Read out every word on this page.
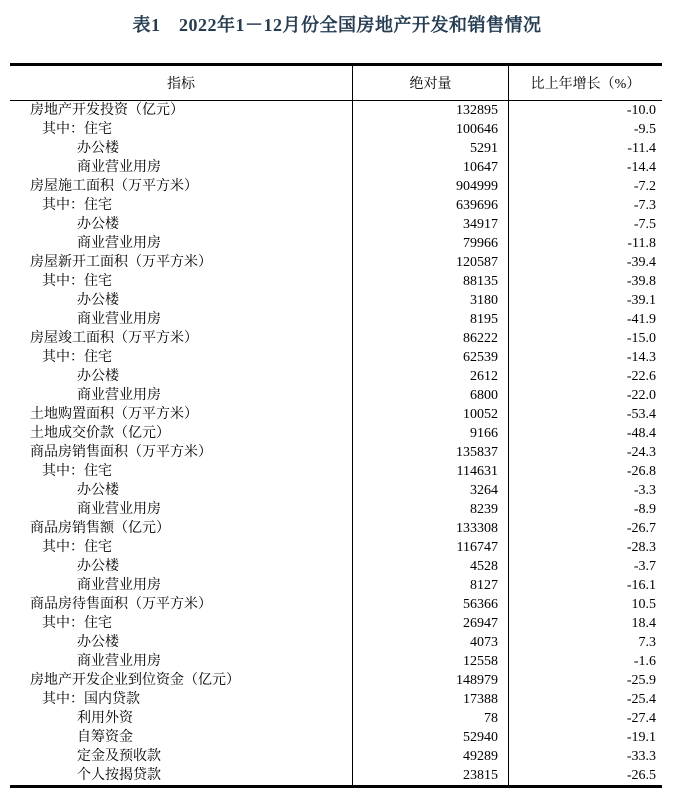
表1　2022年1－12月份全国房地产开发和销售情况
指标	绝对量	比上年增长（%）
房地产开发投资（亿元）	132895	-10.0
其中：住宅	100646	-9.5
办公楼	5291	-11.4
商业营业用房	10647	-14.4
房屋施工面积（万平方米）	904999	-7.2
其中：住宅	639696	-7.3
办公楼	34917	-7.5
商业营业用房	79966	-11.8
房屋新开工面积（万平方米）	120587	-39.4
其中：住宅	88135	-39.8
办公楼	3180	-39.1
商业营业用房	8195	-41.9
房屋竣工面积（万平方米）	86222	-15.0
其中：住宅	62539	-14.3
办公楼	2612	-22.6
商业营业用房	6800	-22.0
土地购置面积（万平方米）	10052	-53.4
土地成交价款（亿元）	9166	-48.4
商品房销售面积（万平方米）	135837	-24.3
其中：住宅	114631	-26.8
办公楼	3264	-3.3
商业营业用房	8239	-8.9
商品房销售额（亿元）	133308	-26.7
其中：住宅	116747	-28.3
办公楼	4528	-3.7
商业营业用房	8127	-16.1
商品房待售面积（万平方米）	56366	10.5
其中：住宅	26947	18.4
办公楼	4073	7.3
商业营业用房	12558	-1.6
房地产开发企业到位资金（亿元）	148979	-25.9
其中：国内贷款	17388	-25.4
利用外资	78	-27.4
自筹资金	52940	-19.1
定金及预收款	49289	-33.3
个人按揭贷款	23815	-26.5
